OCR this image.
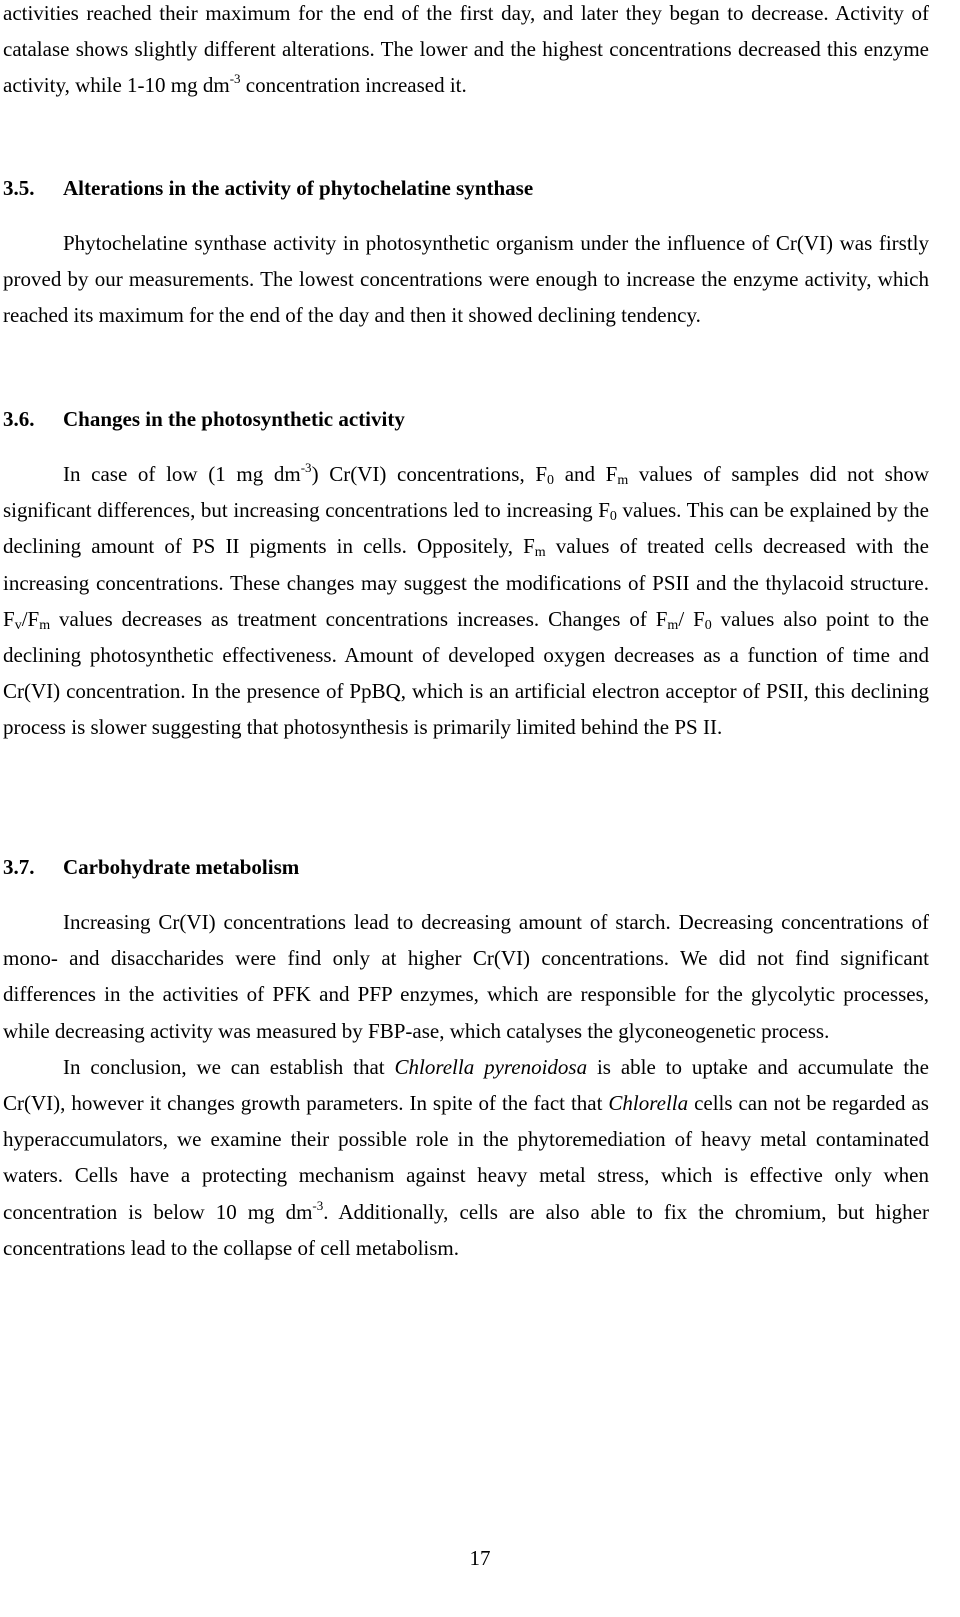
activities reached their maximum for the end of the first day, and later they began to decrease. Activity of catalase shows slightly different alterations. The lower and the highest concentrations decreased this enzyme activity, while 1-10 mg $dm^{-3}$ concentration increased it.

3.5. Alterations in the activity of phytochelatine synthase

Phytochelatine synthase activity in photosynthetic organism under the influence of Cr(VI) was firstly proved by our measurements. The lowest concentrations were enough to increase the enzyme activity, which reached its maximum for the end of the day and then it showed declining tendency.

3.6. Changes in the photosynthetic activity

In case of low (1 mg $dm^{-3}$) Cr(VI) concentrations, $F_0$ and $F_m$ values of samples did not show significant differences, but increasing concentrations led to increasing $F_0$ values. This can be explained by the declining amount of PS II pigments in cells. Oppositely, $F_m$ values of treated cells decreased with the increasing concentrations. These changes may suggest the modifications of PSII and the thylacoid structure. $F_v/F_m$ values decreases as treatment concentrations increases. Changes of $F_m/$ $F_0$ values also point to the declining photosynthetic effectiveness. Amount of developed oxygen decreases as a function of time and Cr(VI) concentration. In the presence of PpBQ, which is an artificial electron acceptor of PSII, this declining process is slower suggesting that photosynthesis is primarily limited behind the PS II.

3.7. Carbohydrate metabolism

Increasing Cr(VI) concentrations lead to decreasing amount of starch. Decreasing concentrations of mono- and disaccharides were find only at higher Cr(VI) concentrations. We did not find significant differences in the activities of PFK and PFP enzymes, which are responsible for the glycolytic processes, while decreasing activity was measured by FBP-ase, which catalyses the glyconeogenetic process.

In conclusion, we can establish that Chlorella pyrenoidosa is able to uptake and accumulate the Cr(VI), however it changes growth parameters. In spite of the fact that Chlorella cells can not be regarded as hyperaccumulators, we examine their possible role in the phytoremediation of heavy metal contaminated waters. Cells have a protecting mechanism against heavy metal stress, which is effective only when concentration is below 10 mg $dm^{-3}$. Additionally, cells are also able to fix the chromium, but higher concentrations lead to the collapse of cell metabolism.

17
